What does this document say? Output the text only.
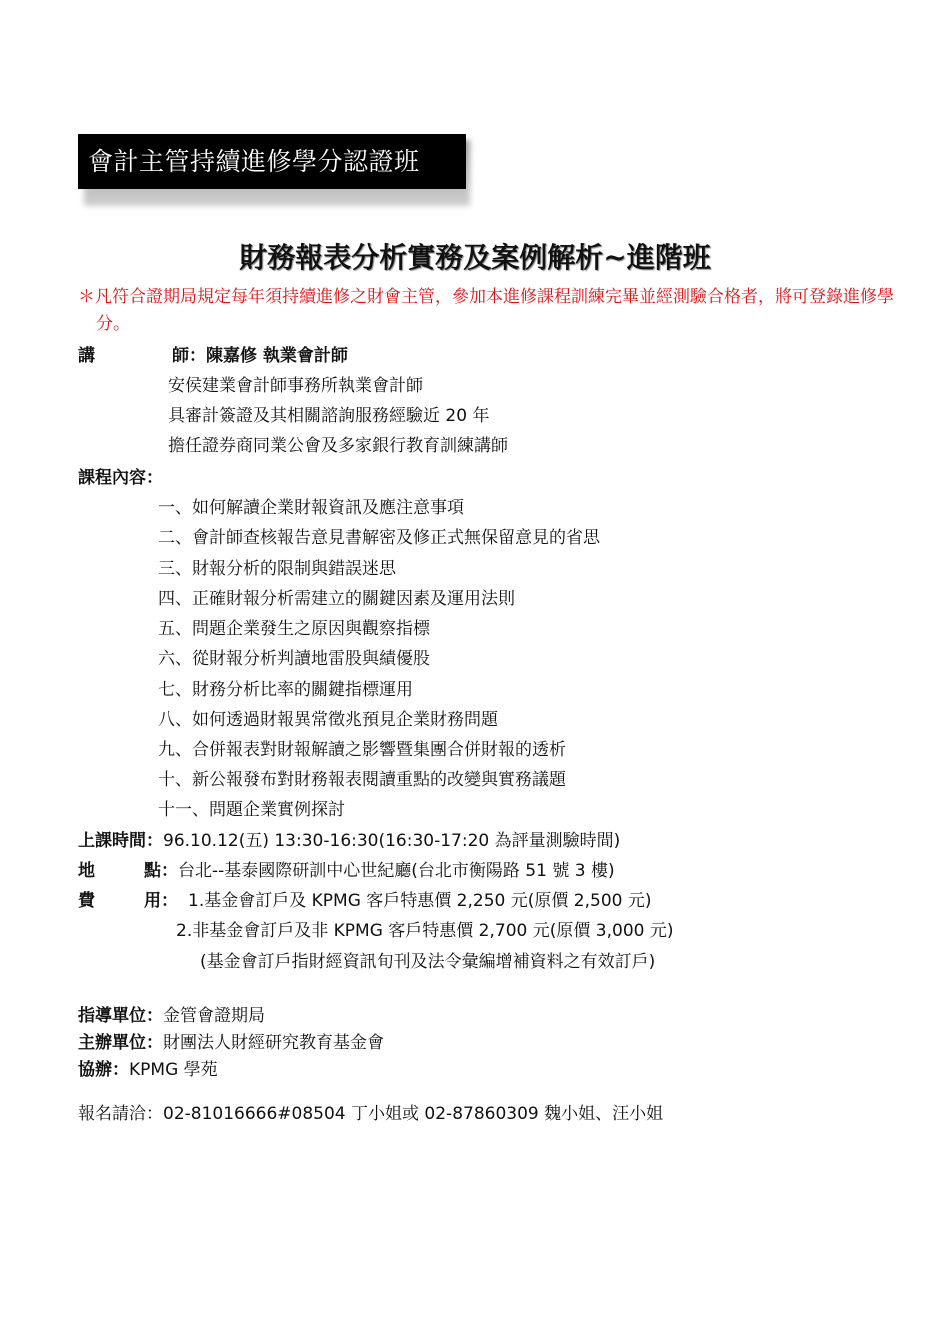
會計主管持續進修學分認證班
財務報表分析實務及案例解析~進階班
＊凡符合證期局規定每年須持續進修之財會主管，參加本進修課程訓練完畢並經測驗合格者，將可登錄進修學分。
講	師：陳嘉修 執業會計師
安侯建業會計師事務所執業會計師
具審計簽證及其相關諮詢服務經驗近 20 年
擔任證券商同業公會及多家銀行教育訓練講師
課程內容：
一、如何解讀企業財報資訊及應注意事項
二、會計師查核報告意見書解密及修正式無保留意見的省思
三、財報分析的限制與錯誤迷思
四、正確財報分析需建立的關鍵因素及運用法則
五、問題企業發生之原因與觀察指標
六、從財報分析判讀地雷股與績優股
七、財務分析比率的關鍵指標運用
八、如何透過財報異常徵兆預見企業財務問題
九、合併報表對財報解讀之影響暨集團合併財報的透析
十、新公報發布對財務報表閱讀重點的改變與實務議題
十一、問題企業實例探討
上課時間：96.10.12(五) 13:30-16:30(16:30-17:20 為評量測驗時間)
地	點：台北--基泰國際研訓中心世紀廳(台北市衡陽路 51 號 3 樓)
費	用： 1.基金會訂戶及 KPMG 客戶特惠價 2,250 元(原價 2,500 元)
2.非基金會訂戶及非 KPMG 客戶特惠價 2,700 元(原價 3,000 元)
(基金會訂戶指財經資訊旬刊及法令彙編增補資料之有效訂戶)
指導單位：金管會證期局
主辦單位：財團法人財經研究教育基金會
協辦：KPMG 學苑
報名請洽：02-81016666#08504 丁小姐或 02-87860309 魏小姐、汪小姐
